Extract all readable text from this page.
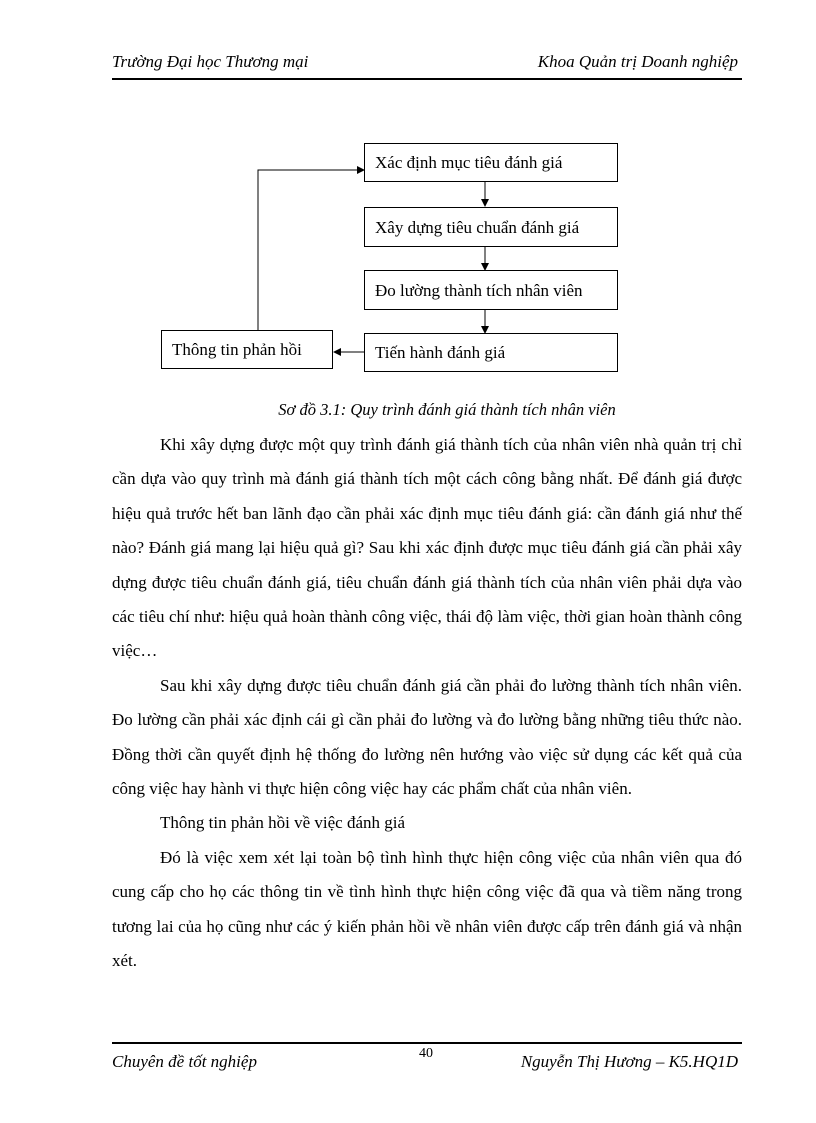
Trường Đại học Thương mại	Khoa Quản trị Doanh nghiệp
Xác định mục tiêu đánh giá
Xây dựng tiêu chuẩn đánh giá
Đo lường thành tích nhân viên
Tiến hành đánh giá
Thông tin phản hồi
Sơ đồ 3.1: Quy trình đánh giá thành tích nhân viên

Khi xây dựng được một quy trình đánh giá thành tích của nhân viên nhà quản trị chỉ cần dựa vào quy trình mà đánh giá thành tích một cách công bằng nhất. Để đánh giá được hiệu quả trước hết ban lãnh đạo cần phải xác định mục tiêu đánh giá: cần đánh giá như thế nào? Đánh giá mang lại hiệu quả gì? Sau khi xác định được mục tiêu đánh giá cần phải xây dựng được tiêu chuẩn đánh giá, tiêu chuẩn đánh giá thành tích của nhân viên phải dựa vào các tiêu chí như: hiệu quả hoàn thành công việc, thái độ làm việc, thời gian hoàn thành công việc…

Sau khi xây dựng được tiêu chuẩn đánh giá cần phải đo lường thành tích nhân viên. Đo lường cần phải xác định cái gì cần phải đo lường và đo lường bằng những tiêu thức nào. Đồng thời cần quyết định hệ thống đo lường nên hướng vào việc sử dụng các kết quả của công việc hay hành vi thực hiện công việc hay các phẩm chất của nhân viên.

Thông tin phản hồi về việc đánh giá

Đó là việc xem xét lại toàn bộ tình hình thực hiện công việc của nhân viên qua đó cung cấp cho họ các thông tin về tình hình thực hiện công việc đã qua và tiềm năng trong tương lai của họ cũng như các ý kiến phản hồi về nhân viên được cấp trên đánh giá và nhận xét.

Chuyên đề tốt nghiệp	40	Nguyễn Thị Hương – K5.HQ1D
